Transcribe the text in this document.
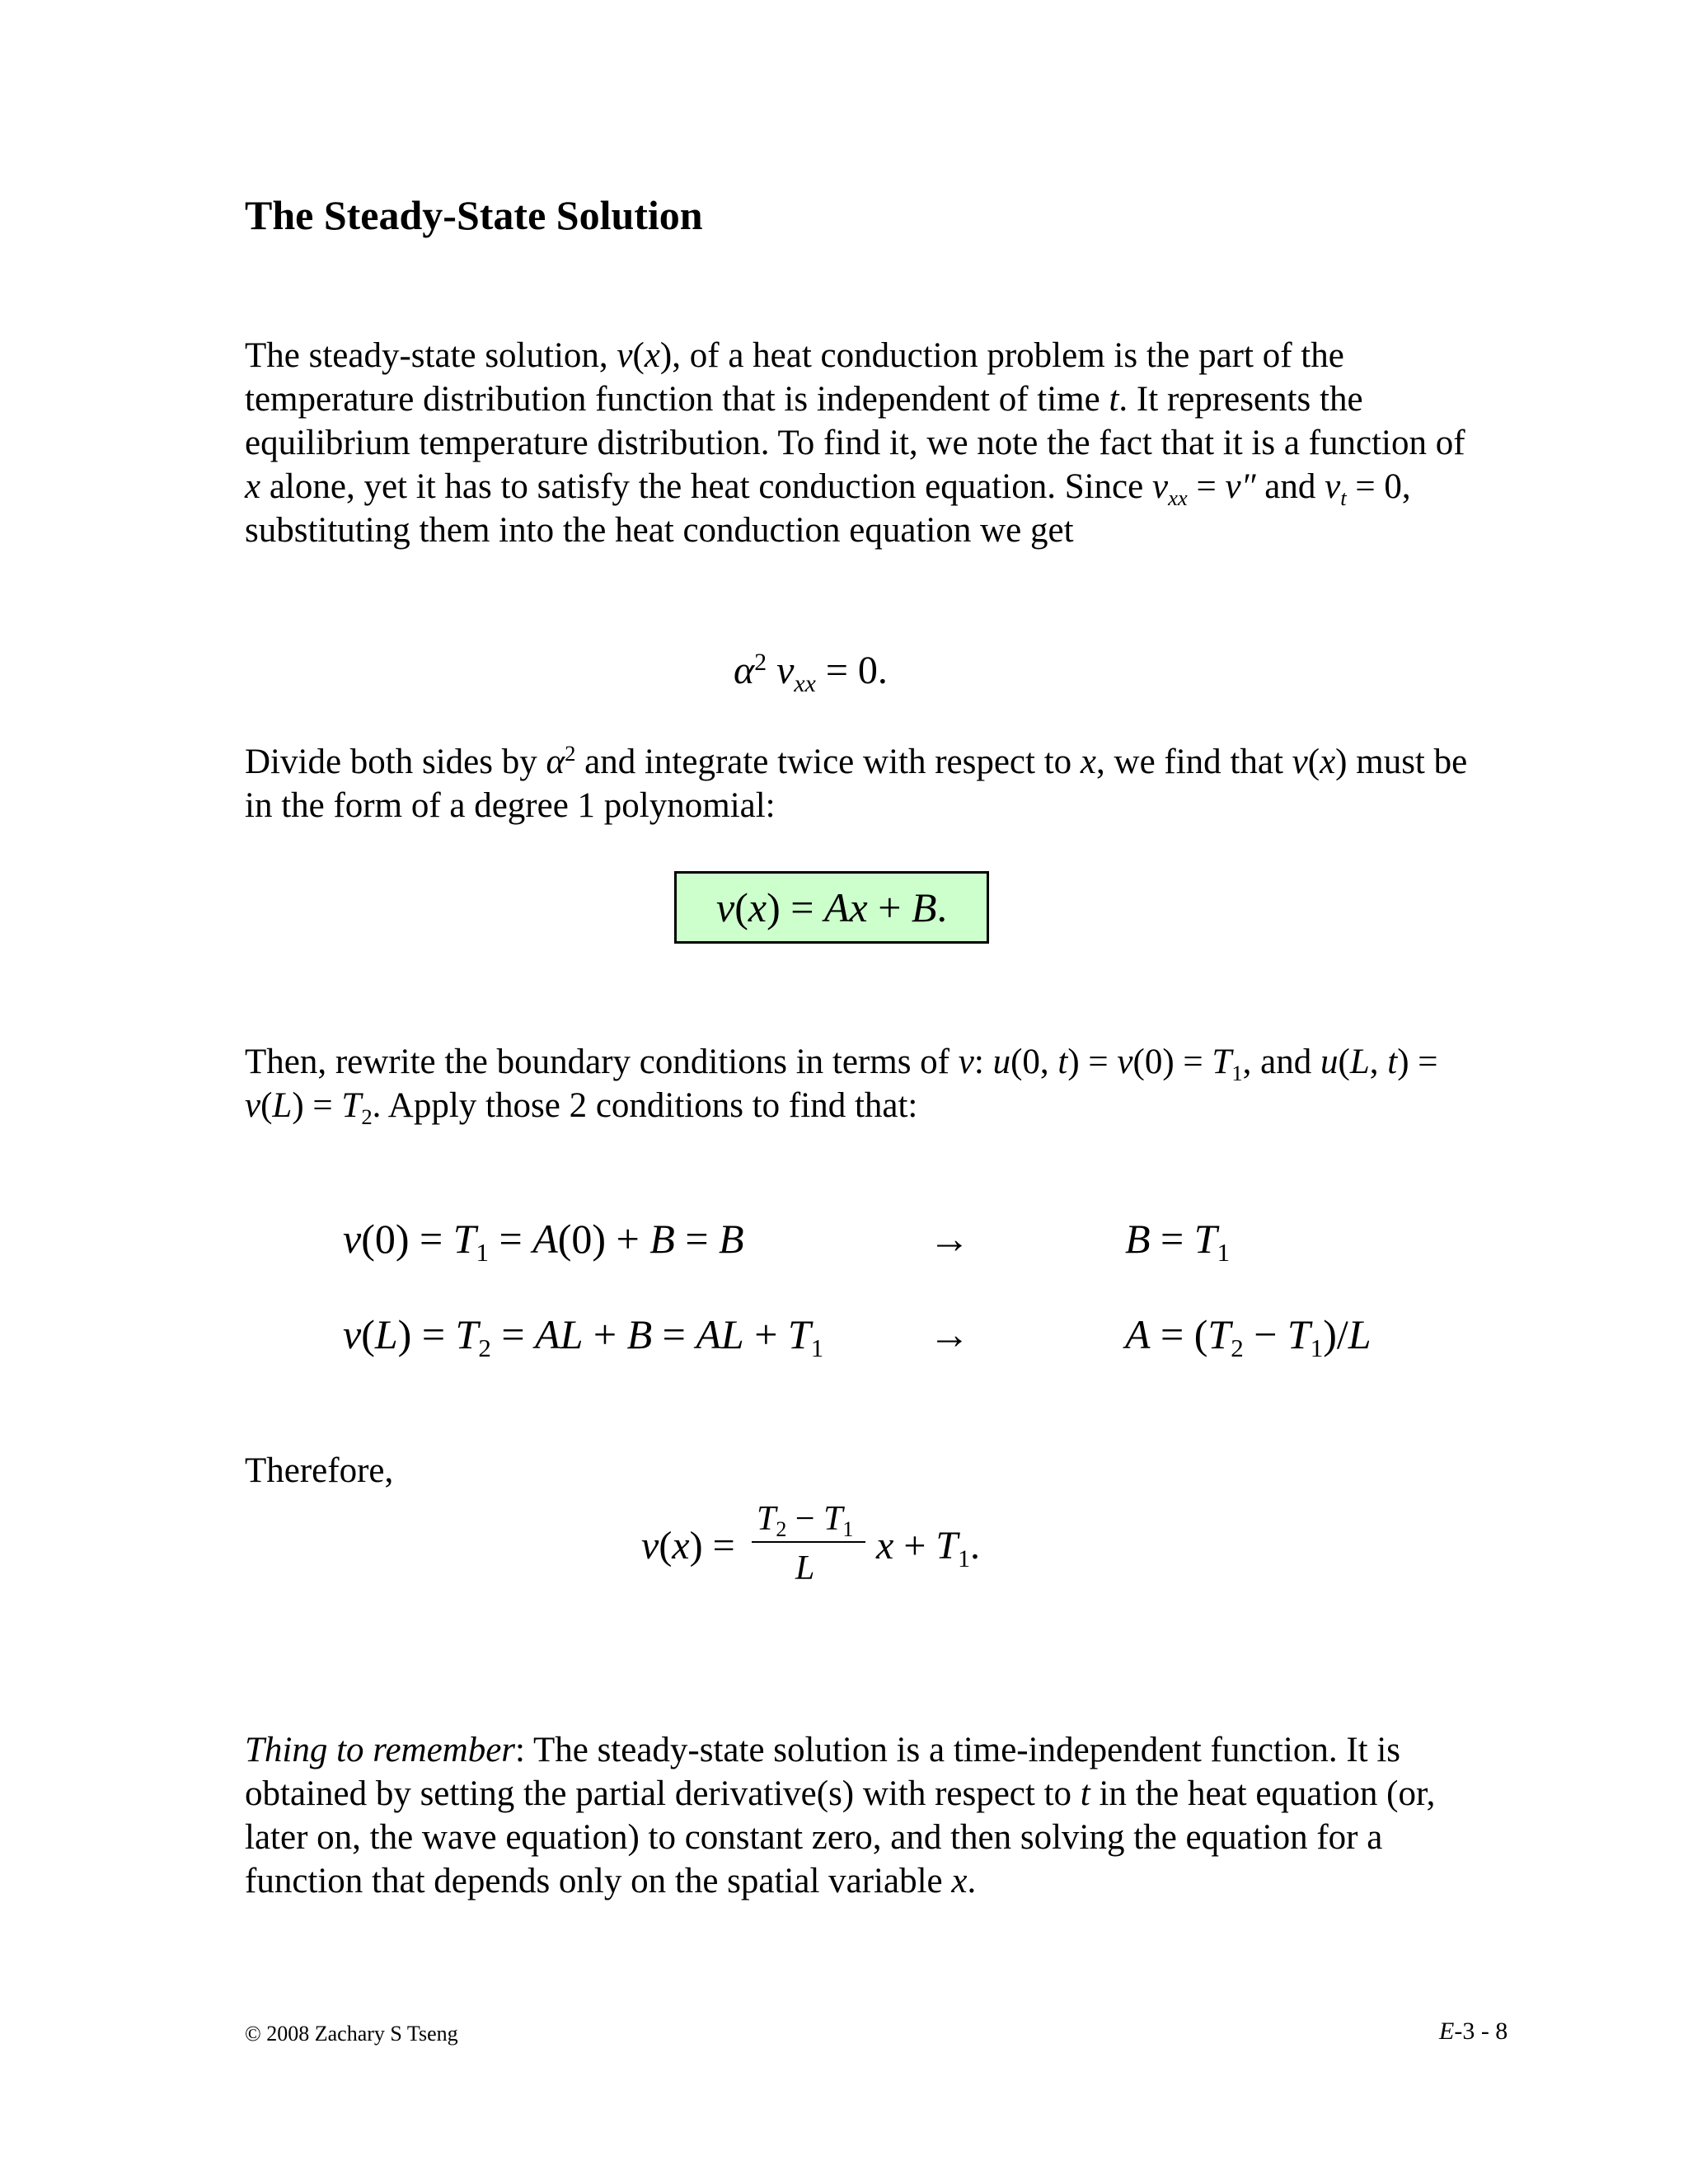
The Steady-State Solution

The steady-state solution, v(x), of a heat conduction problem is the part of the temperature distribution function that is independent of time t. It represents the equilibrium temperature distribution. To find it, we note the fact that it is a function of x alone, yet it has to satisfy the heat conduction equation. Since $v_{xx} = v''$ and $v_t = 0$, substituting them into the heat conduction equation we get

$\alpha^2$ $v_{xx} = 0$.

Divide both sides by $\alpha^2$ and integrate twice with respect to x, we find that v(x) must be in the form of a degree 1 polynomial:

v(x) = Ax + B.

Then, rewrite the boundary conditions in terms of v: u(0, $t) = v(0) = T_1$, and u(L, $t) = v(L) = T_2$. Apply those 2 conditions to find that:

$v(0) = T_1 = A(0) + B = B$	→	$B = T_1$
$v(L) = T_2$ = AL + B = AL + $T_1$	→	$A = (T_2 - T_1)/L$
Therefore,
v(x) =
$T_2 - T_1$
L
$x + T_1$.

Thing to remember: The steady-state solution is a time-independent function. It is obtained by setting the partial derivative(s) with respect to t in the heat equation (or, later on, the wave equation) to constant zero, and then solving the equation for a function that depends only on the spatial variable x.

© 2008 Zachary S Tseng	E-3 - 8
